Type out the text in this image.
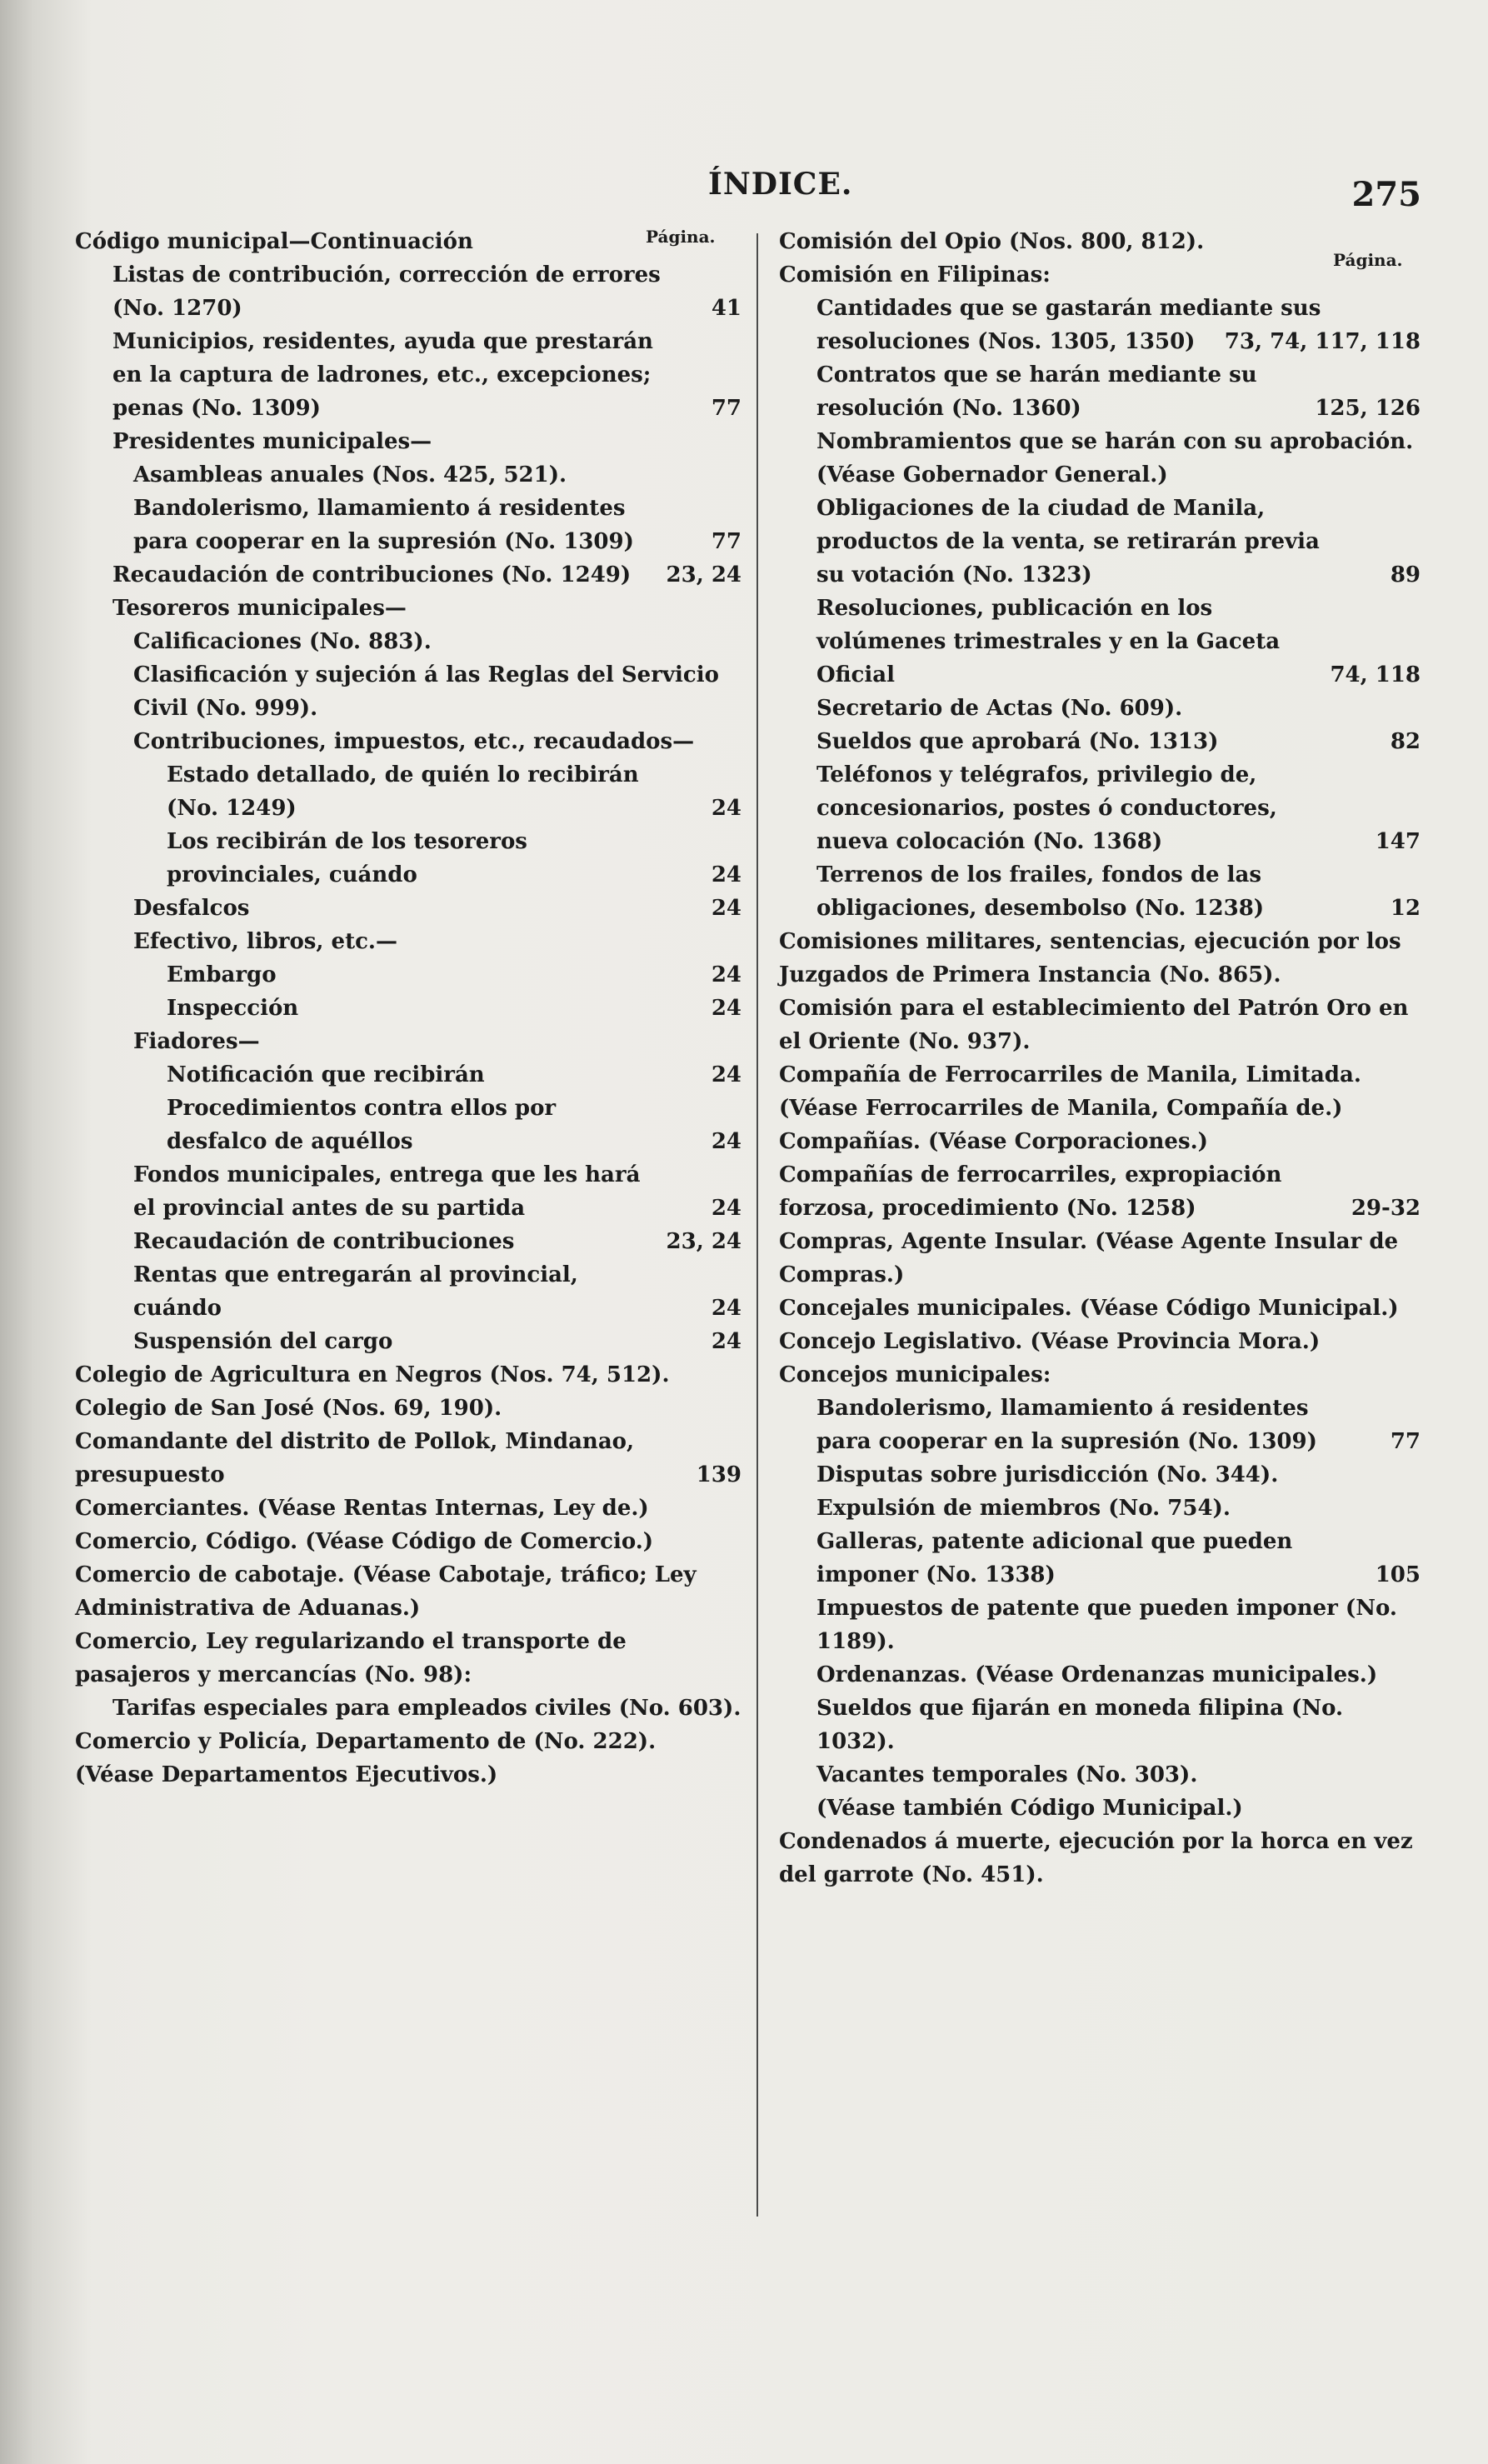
ÍNDICE.	275
Página.
Página.
Código municipal—Continuación
Listas de contribución, corrección de errores (No. 1270)	41
Municipios, residentes, ayuda que prestarán en la captura de ladrones, etc., excepciones; penas (No. 1309)	77
Presidentes municipales—
Asambleas anuales (Nos. 425, 521).
Bandolerismo, llamamiento á residentes para cooperar en la supresión (No. 1309)	77
Recaudación de contribuciones (No. 1249) 23, 24
Tesoreros municipales—
Calificaciones (No. 883).
Clasificación y sujeción á las Reglas del Servicio Civil (No. 999).
Contribuciones, impuestos, etc., recaudados—
Estado detallado, de quién lo recibirán (No. 1249)	24
Los recibirán de los tesoreros provinciales, cuándo	24
Desfalcos	24
Efectivo, libros, etc.—
Embargo	24
Inspección	24
Fiadores—
Notificación que recibirán	24
Procedimientos contra ellos por desfalco de aquéllos	24
Fondos municipales, entrega que les hará el provincial antes de su partida	24
Recaudación de contribuciones	23, 24
Rentas que entregarán al provincial, cuándo	24
Suspensión del cargo	24
Colegio de Agricultura en Negros (Nos. 74, 512).
Colegio de San José (Nos. 69, 190).
Comandante del distrito de Pollok, Mindanao, presupuesto	139
Comerciantes. (Véase Rentas Internas, Ley de.)
Comercio, Código. (Véase Código de Comercio.)
Comercio de cabotaje. (Véase Cabotaje, tráfico; Ley Administrativa de Aduanas.)
Comercio, Ley regularizando el transporte de pasajeros y mercancías (No. 98):
Tarifas especiales para empleados civiles (No. 603).
Comercio y Policía, Departamento de (No. 222). (Véase Departamentos Ejecutivos.)
Comisión del Opio (Nos. 800, 812).
Comisión en Filipinas:
Cantidades que se gastarán mediante sus resoluciones (Nos. 1305, 1350) 73, 74, 117, 118
Contratos que se harán mediante su resolución (No. 1360)	125, 126
Nombramientos que se harán con su aprobación. (Véase Gobernador General.)
Obligaciones de la ciudad de Manila, productos de la venta, se retirarán previa su votación (No. 1323)	89
Resoluciones, publicación en los volúmenes trimestrales y en la Gaceta Oficial	74, 118
Secretario de Actas (No. 609).
Sueldos que aprobará (No. 1313)	82
Teléfonos y telégrafos, privilegio de, concesionarios, postes ó conductores, nueva colocación (No. 1368)	147
Terrenos de los frailes, fondos de las obligaciones, desembolso (No. 1238)	12
Comisiones militares, sentencias, ejecución por los Juzgados de Primera Instancia (No. 865).
Comisión para el establecimiento del Patrón Oro en el Oriente (No. 937).
Compañía de Ferrocarriles de Manila, Limitada. (Véase Ferrocarriles de Manila, Compañía de.)
Compañías. (Véase Corporaciones.)
Compañías de ferrocarriles, expropiación forzosa, procedimiento (No. 1258)	29-32
Compras, Agente Insular. (Véase Agente Insular de Compras.)
Concejales municipales. (Véase Código Municipal.)
Concejo Legislativo. (Véase Provincia Mora.)
Concejos municipales:
Bandolerismo, llamamiento á residentes para cooperar en la supresión (No. 1309)	77
Disputas sobre jurisdicción (No. 344).
Expulsión de miembros (No. 754).
Galleras, patente adicional que pueden imponer (No. 1338)	105
Impuestos de patente que pueden imponer (No. 1189).
Ordenanzas. (Véase Ordenanzas municipales.)
Sueldos que fijarán en moneda filipina (No. 1032).
Vacantes temporales (No. 303).
(Véase también Código Municipal.)
Condenados á muerte, ejecución por la horca en vez del garrote (No. 451).
